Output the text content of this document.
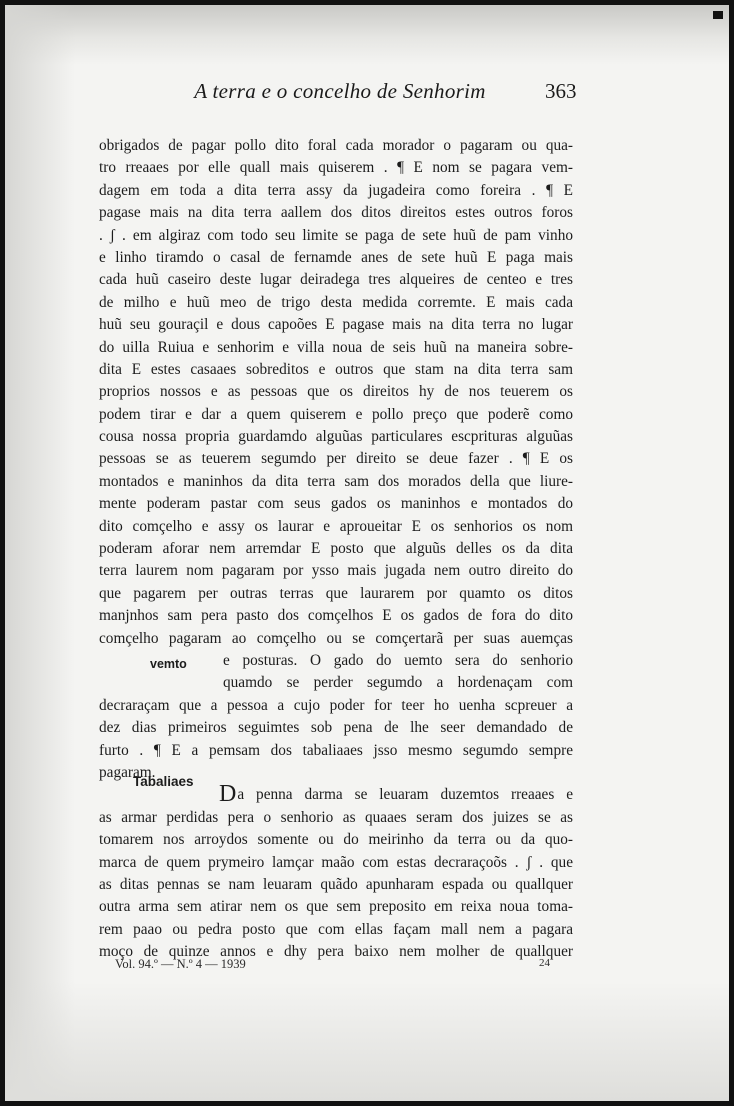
A terra e o concelho de Senhorim	363
vemto
Tabaliaes
obrigados de pagar pollo dito foral cada morador o pagaram ou qua-
tro rreaaes por elle quall mais quiserem . ¶ E nom se pagara vem-
dagem em toda a dita terra assy da jugadeira como foreira . ¶ E
pagase mais na dita terra aallem dos ditos direitos estes outros foros
. ʃ . em algiraz com todo seu limite se paga de sete huũ de pam vinho
e linho tiramdo o casal de fernamde anes de sete huũ E paga mais
cada huũ caseiro deste lugar deiradega tres alqueires de centeo e tres
de milho e huũ meo de trigo desta medida corremte. E mais cada
huũ seu gouraçil e dous capoões E pagase mais na dita terra no lugar
do uilla Ruiua e senhorim e villa noua de seis huũ na maneira sobre-
dita E estes casaaes sobreditos e outros que stam na dita terra sam
proprios nossos e as pessoas que os direitos hy de nos teuerem os
podem tirar e dar a quem quiserem e pollo preço que poderẽ como
cousa nossa propria guardamdo alguũas particulares escprituras alguũas
pessoas se as teuerem segumdo per direito se deue fazer . ¶ E os
montados e maninhos da dita terra sam dos morados della que liure-
mente poderam pastar com seus gados os maninhos e montados do
dito comçelho e assy os laurar e aproueitar E os senhorios os nom
poderam aforar nem arremdar E posto que alguũs delles os da dita
terra laurem nom pagaram por ysso mais jugada nem outro direito do
que pagarem per outras terras que laurarem por quamto os ditos
manjnhos sam pera pasto dos comçelhos E os gados de fora do dito
comçelho pagaram ao comçelho ou se comçertarã per suas auemças
e posturas. O gado do uemto sera do senhorio
quamdo se perder segumdo a hordenaçam com
decraraçam que a pessoa a cujo poder for teer ho uenha scpreuer a
dez dias primeiros seguimtes sob pena de lhe seer demandado de
furto . ¶ E a pemsam dos tabaliaaes jsso mesmo segumdo sempre
pagaram.
Da penna darma se leuaram duzemtos rreaaes e
as armar perdidas pera o senhorio as quaaes seram dos juizes se as
tomarem nos arroydos somente ou do meirinho da terra ou da quo-
marca de quem prymeiro lamçar maão com estas decraraçoõs . ʃ . que
as ditas pennas se nam leuaram quãdo apunharam espada ou quallquer
outra arma sem atirar nem os que sem preposito em reixa noua toma-
rem paao ou pedra posto que com ellas façam mall nem a pagara
moço de quinze annos e dhy pera baixo nem molher de quallquer
Vol. 94.º — N.º 4 — 1939	24
